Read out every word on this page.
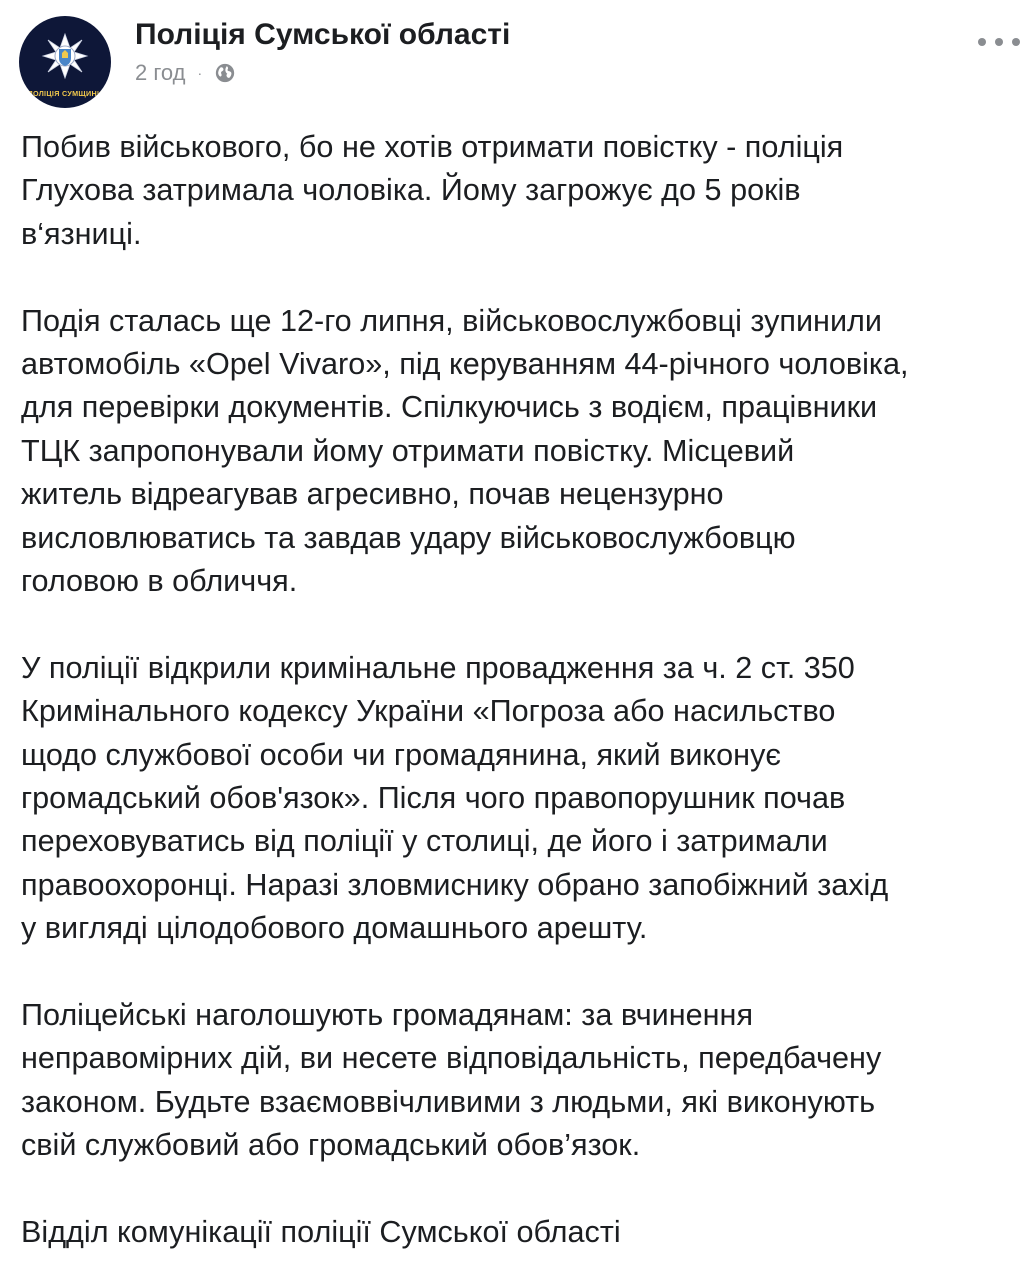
ПОЛІЦІЯ СУМЩИНИ
Поліція Сумської області
2 год ·

Побив військового, бо не хотів отримати повістку - поліція
Глухова затримала чоловіка. Йому загрожує до 5 років
в‘язниці.

Подія сталась ще 12-го липня, військовослужбовці зупинили
автомобіль «Opel Vivaro», під керуванням 44-річного чоловіка,
для перевірки документів. Спілкуючись з водієм, працівники
ТЦК запропонували йому отримати повістку. Місцевий
житель відреагував агресивно, почав нецензурно
висловлюватись та завдав удару військовослужбовцю
головою в обличчя.

У поліції відкрили кримінальне провадження за ч. 2 ст. 350
Кримінального кодексу України «Погроза або насильство
щодо службової особи чи громадянина, який виконує
громадський обов'язок». Після чого правопорушник почав
переховуватись від поліції у столиці, де його і затримали
правоохоронці. Наразі зловмиснику обрано запобіжний захід
у вигляді цілодобового домашнього арешту.

Поліцейські наголошують громадянам: за вчинення
неправомірних дій, ви несете відповідальність, передбачену
законом. Будьте взаємоввічливими з людьми, які виконують
свій службовий або громадський обов’язок.

Відділ комунікації поліції Сумської області
